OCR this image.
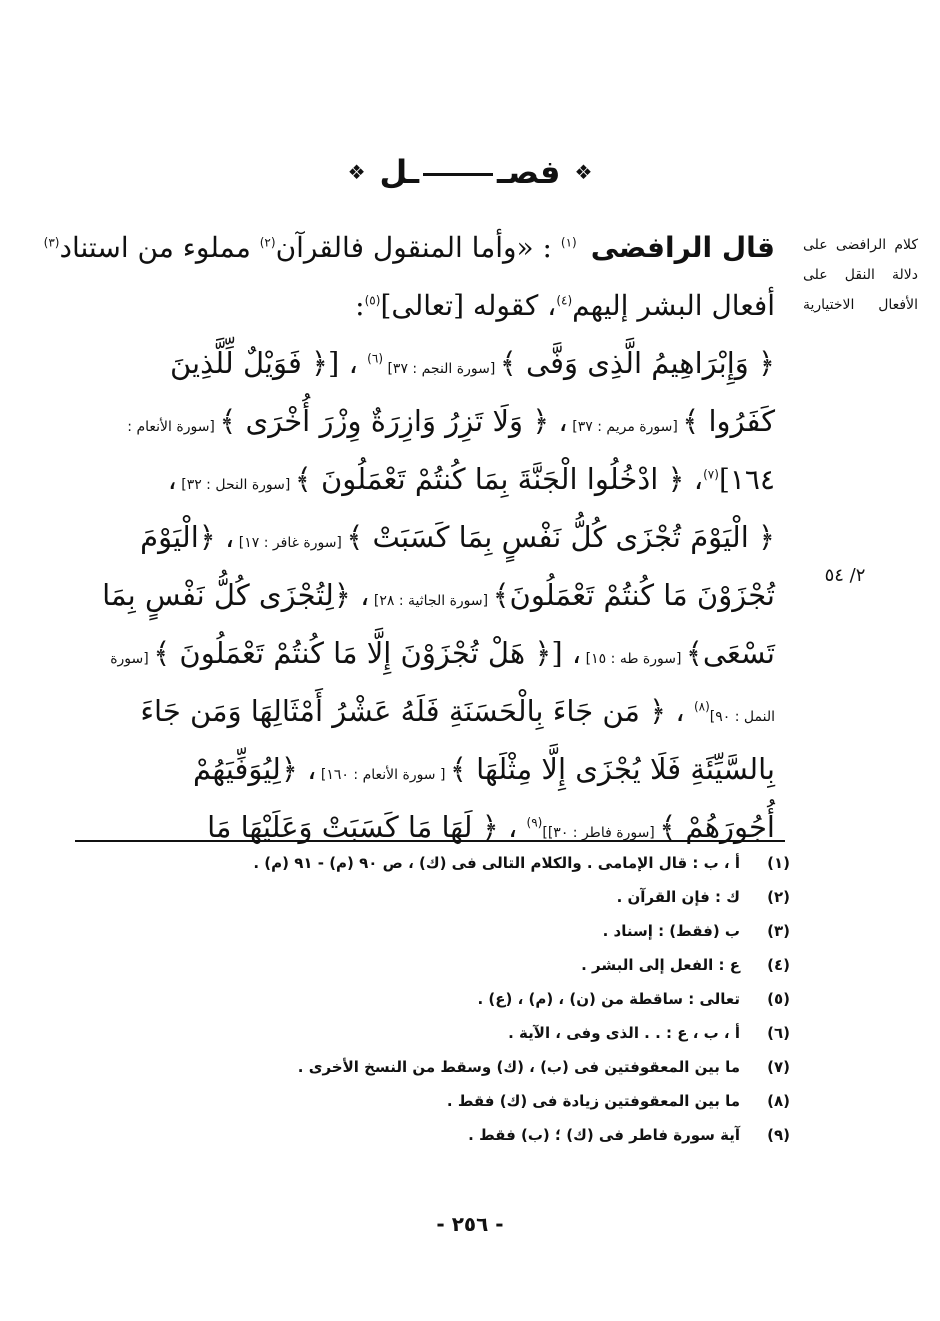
❖	فصــل	❖
كلام الرافضى على دلالة النقل على الأفعال الاختيارية
٢/ ٥٤
قال الرافضى$^{(١)}$ : «وأما المنقول فالقرآن$^{(٢)}$ مملوء من استناد$^{(٣)}$
أفعال البشر إليهم$^{(٤)}$، كقوله [تعالى]$^{(٥)}$:
﴿ وَإِبْرَاهِيمُ الَّذِى وَفَّى ﴾ [سورة النجم : ٣٧] $^{(٦)}$ ، [﴿ فَوَيْلٌ لِّلَّذِينَ
كَفَرُوا ﴾ [سورة مريم : ٣٧] ، ﴿ وَلَا تَزِرُ وَازِرَةٌ وِزْرَ أُخْرَى ﴾ [سورة الأنعام :
١٦٤]$^{(٧)}$، ﴿ ادْخُلُوا الْجَنَّةَ بِمَا كُنتُمْ تَعْمَلُونَ ﴾ [سورة النحل : ٣٢] ،
﴿ الْيَوْمَ تُجْزَى كُلُّ نَفْسٍ بِمَا كَسَبَتْ ﴾ [سورة غافر : ١٧] ، ﴿الْيَوْمَ
تُجْزَوْنَ مَا كُنتُمْ تَعْمَلُونَ﴾ [سورة الجاثية : ٢٨] ، ﴿لِتُجْزَى كُلُّ نَفْسٍ بِمَا
تَسْعَى﴾ [سورة طه : ١٥] ، [﴿ هَلْ تُجْزَوْنَ إِلَّا مَا كُنتُمْ تَعْمَلُونَ ﴾ [سورة
النمل : ٩٠]$^{(٨)}$ ، ﴿ مَن جَاءَ بِالْحَسَنَةِ فَلَهُ عَشْرُ أَمْثَالِهَا وَمَن جَاءَ
بِالسَّيِّئَةِ فَلَا يُجْزَى إِلَّا مِثْلَهَا ﴾ [ سورة الأنعام : ١٦٠] ، ﴿لِيُوَفِّيَهُمْ
أُجُورَهُمْ ﴾ [سورة فاطر : ٣٠]]$^{(٩)}$ ، ﴿ لَهَا مَا كَسَبَتْ وَعَلَيْهَا مَا
(١)
أ ، ب : قال الإمامى . والكلام التالى فى (ك) ، ص ٩٠ (م) - ٩١ (م) .
(٢)
ك : فإن القرآن .
(٣)
ب (فقط) : إسناد .
(٤)
ع : الفعل إلى البشر .
(٥)
تعالى : ساقطة من (ن) ، (م) ، (ع) .
(٦)
أ ، ب ، ع : . . الذى وفى ، الآية .
(٧)
ما بين المعقوفتين فى (ب) ، (ك) وسقط من النسخ الأخرى .
(٨)
ما بين المعقوفتين زيادة فى (ك) فقط .
(٩)
آية سورة فاطر فى (ك) ؛ (ب) فقط .
- ٢٥٦ -
